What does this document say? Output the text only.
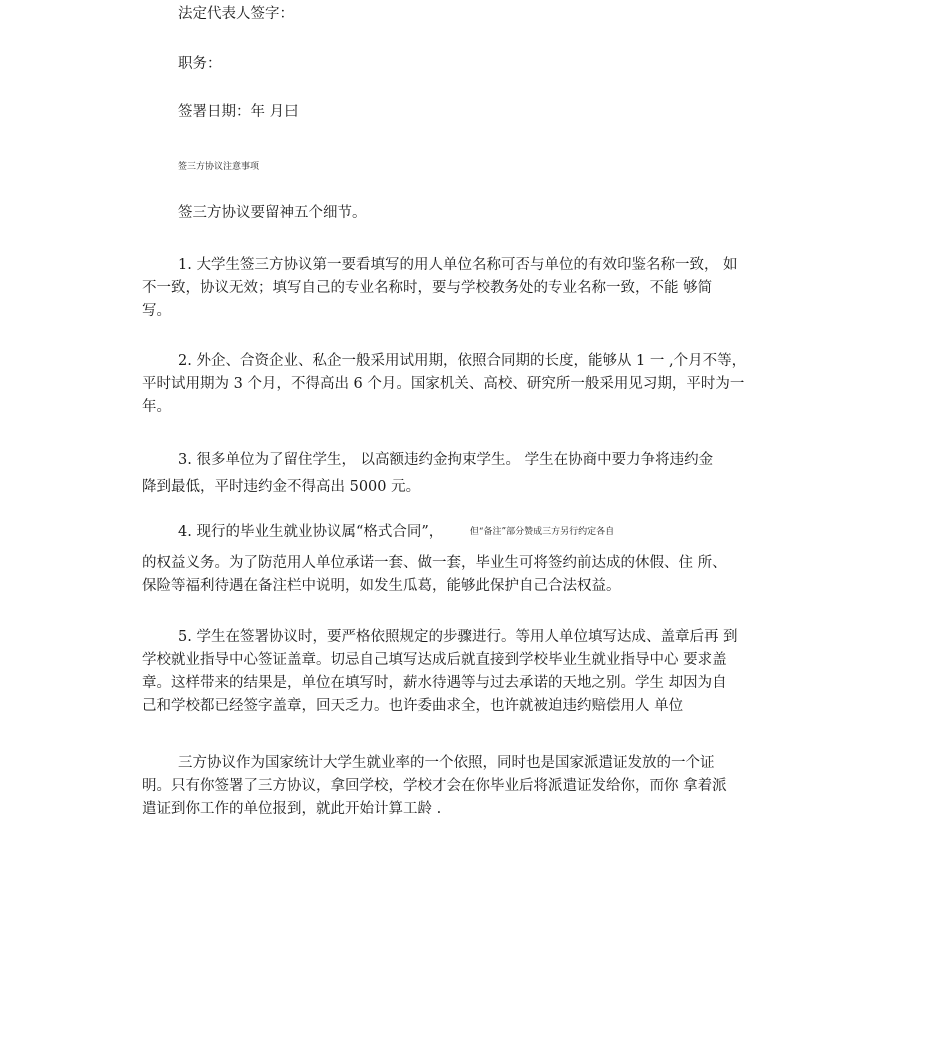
法定代表人签字：
职务：
签署日期：年 月曰
签三方协议注意事项
签三方协议要留神五个细节。
1. 大学生签三方协议第一要看填写的用人单位名称可否与单位的有效印鉴名称一致， 如
不一致，协议无效；填写自己的专业名称时，要与学校教务处的专业名称一致，不能 够简
写。
2. 外企、合资企业、私企一般采用试用期，依照合同期的长度，能够从 1 一 ,个月不等，
平时试用期为 3 个月，不得高出 6 个月。国家机关、高校、研究所一般采用见习期，平时为一
年。
3. 很多单位为了留住学生， 以高额违约金拘束学生。 学生在协商中要力争将违约金
降到最低，平时违约金不得高出 5000 元。
4. 现行的毕业生就业协议属“格式合同”，	但“备注”部分赞成三方另行约定各自
的权益义务。为了防范用人单位承诺一套、做一套，毕业生可将签约前达成的休假、住 所、
保险等福利待遇在备注栏中说明，如发生瓜葛，能够此保护自己合法权益。
5. 学生在签署协议时，要严格依照规定的步骤进行。等用人单位填写达成、盖章后再 到
学校就业指导中心签证盖章。切忌自己填写达成后就直接到学校毕业生就业指导中心 要求盖
章。这样带来的结果是，单位在填写时，薪水待遇等与过去承诺的天地之别。学生 却因为自
己和学校都已经签字盖章，回天乏力。也许委曲求全，也许就被迫违约赔偿用人 单位
三方协议作为国家统计大学生就业率的一个依照，同时也是国家派遣证发放的一个证
明。只有你签署了三方协议，拿回学校，学校才会在你毕业后将派遣证发给你，而你 拿着派
遣证到你工作的单位报到，就此开始计算工龄 .
